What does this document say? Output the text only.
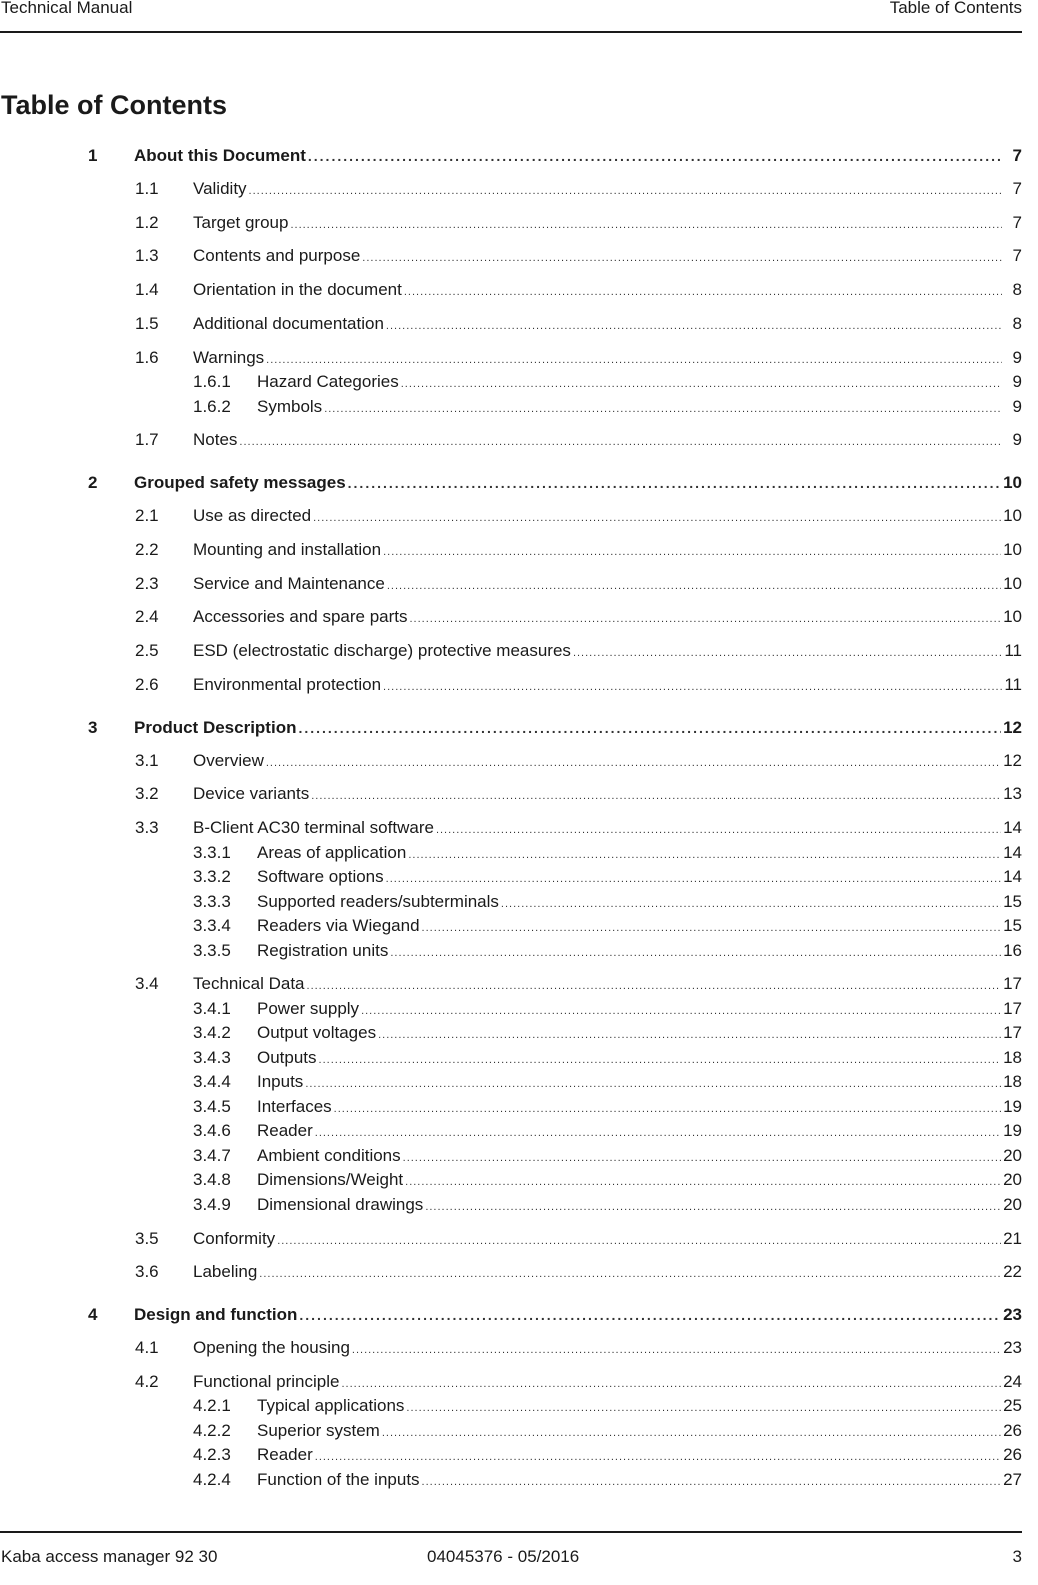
Technical Manual	Table of Contents
Table of Contents
1 About this Document .....	7
1.1 Validity .....	7
1.2 Target group .....	7
1.3 Contents and purpose .....	7
1.4 Orientation in the document .....	8
1.5 Additional documentation .....	8
1.6 Warnings .....	9
1.6.1 Hazard Categories .....	9
1.6.2 Symbols .....	9
1.7 Notes .....	9
2 Grouped safety messages .....	10
2.1 Use as directed .....	10
2.2 Mounting and installation .....	10
2.3 Service and Maintenance .....	10
2.4 Accessories and spare parts .....	10
2.5 ESD (electrostatic discharge) protective measures .....	11
2.6 Environmental protection .....	11
3 Product Description .....	12
3.1 Overview .....	12
3.2 Device variants .....	13
3.3 B-Client AC30 terminal software .....	14
3.3.1 Areas of application .....	14
3.3.2 Software options .....	14
3.3.3 Supported readers/subterminals .....	15
3.3.4 Readers via Wiegand .....	15
3.3.5 Registration units .....	16
3.4 Technical Data .....	17
3.4.1 Power supply .....	17
3.4.2 Output voltages .....	17
3.4.3 Outputs .....	18
3.4.4 Inputs .....	18
3.4.5 Interfaces .....	19
3.4.6 Reader .....	19
3.4.7 Ambient conditions .....	20
3.4.8 Dimensions/Weight .....	20
3.4.9 Dimensional drawings .....	20
3.5 Conformity .....	21
3.6 Labeling .....	22
4 Design and function .....	23
4.1 Opening the housing .....	23
4.2 Functional principle .....	24
4.2.1 Typical applications .....	25
4.2.2 Superior system .....	26
4.2.3 Reader .....	26
4.2.4 Function of the inputs .....	27
Kaba access manager 92 30	04045376 - 05/2016	3
